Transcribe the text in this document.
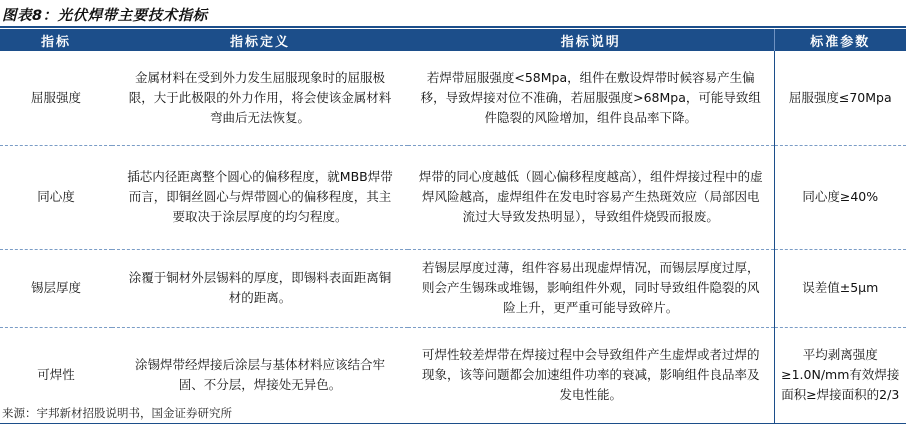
图表8：光伏焊带主要技术指标
指标	指标定义	指标说明	标准参数
屈服强度	金属材料在受到外力发生屈服现象时的屈服极限，大于此极限的外力作用，将会使该金属材料弯曲后无法恢复。	若焊带屈服强度<58Mpa，组件在敷设焊带时候容易产生偏移，导致焊接对位不准确，若屈服强度>68Mpa，可能导致组件隐裂的风险增加，组件良品率下降。	屈服强度≤70Mpa
同心度	插芯内径距离整个圆心的偏移程度，就MBB焊带而言，即铜丝圆心与焊带圆心的偏移程度，其主要取决于涂层厚度的均匀程度。	焊带的同心度越低（圆心偏移程度越高），组件焊接过程中的虚焊风险越高，虚焊组件在发电时容易产生热斑效应（局部因电流过大导致发热明显），导致组件烧毁而报废。	同心度≥40%
锡层厚度	涂覆于铜材外层锡料的厚度，即锡料表面距离铜材的距离。	若锡层厚度过薄，组件容易出现虚焊情况，而锡层厚度过厚，则会产生锡珠或堆锡，影响组件外观，同时导致组件隐裂的风险上升，更严重可能导致碎片。	误差值±5μm
可焊性	涂锡焊带经焊接后涂层与基体材料应该结合牢固、不分层，焊接处无异色。	可焊性较差焊带在焊接过程中会导致组件产生虚焊或者过焊的现象，该等问题都会加速组件功率的衰减，影响组件良品率及发电性能。	平均剥离强度≥1.0N/mm有效焊接面积≥焊接面积的2/3
来源：宇邦新材招股说明书，国金证券研究所
